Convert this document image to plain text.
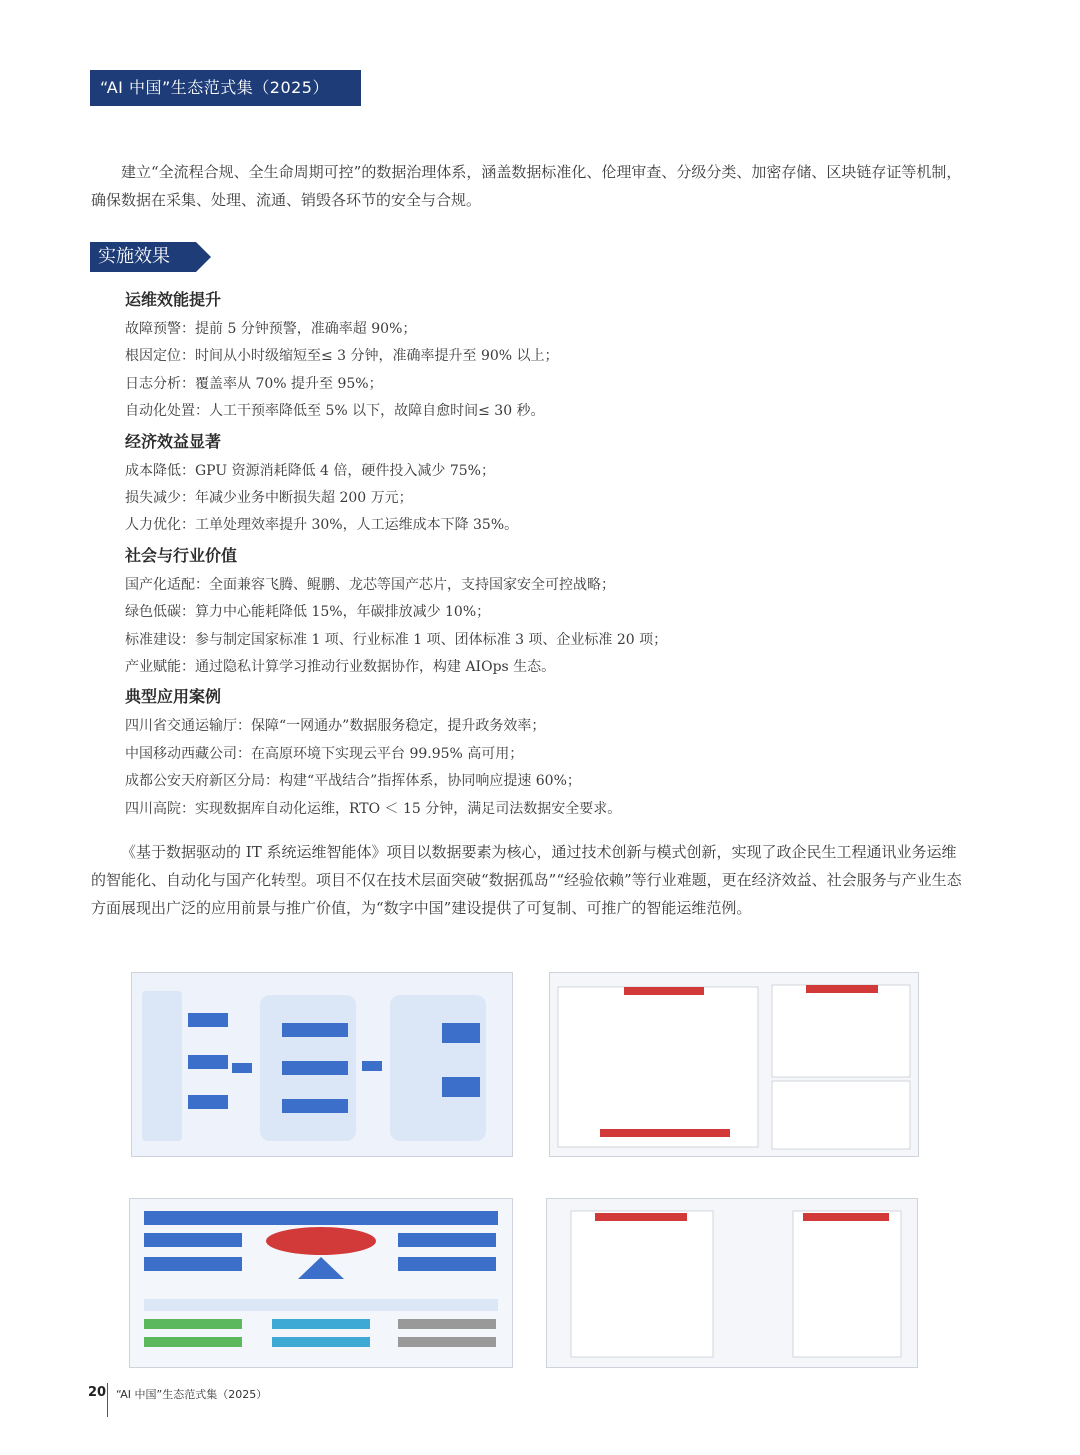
“AI 中国”生态范式集（2025）

建立“全流程合规、全生命周期可控”的数据治理体系，涵盖数据标准化、伦理审查、分级分类、加密存储、区块链存证等机制，确保数据在采集、处理、流通、销毁各环节的安全与合规。

实施效果
运维效能提升

故障预警：提前 5 分钟预警，准确率超 90%；

根因定位：时间从小时级缩短至≤ 3 分钟，准确率提升至 90% 以上；

日志分析：覆盖率从 70% 提升至 95%；

自动化处置：人工干预率降低至 5% 以下，故障自愈时间≤ 30 秒。

经济效益显著

成本降低：GPU 资源消耗降低 4 倍，硬件投入减少 75%；

损失减少：年减少业务中断损失超 200 万元；

人力优化：工单处理效率提升 30%，人工运维成本下降 35%。

社会与行业价值

国产化适配：全面兼容飞腾、鲲鹏、龙芯等国产芯片，支持国家安全可控战略；

绿色低碳：算力中心能耗降低 15%，年碳排放减少 10%；

标准建设：参与制定国家标准 1 项、行业标准 1 项、团体标准 3 项、企业标准 20 项；

产业赋能：通过隐私计算学习推动行业数据协作，构建 AIOps 生态。

典型应用案例

四川省交通运输厅：保障“一网通办”数据服务稳定，提升政务效率；

中国移动西藏公司：在高原环境下实现云平台 99.95% 高可用；

成都公安天府新区分局：构建“平战结合”指挥体系，协同响应提速 60%；

四川高院：实现数据库自动化运维，RTO ＜ 15 分钟，满足司法数据安全要求。

《基于数据驱动的 IT 系统运维智能体》项目以数据要素为核心，通过技术创新与模式创新，实现了政企民生工程通讯业务运维的智能化、自动化与国产化转型。项目不仅在技术层面突破“数据孤岛”“经验依赖”等行业难题，更在经济效益、社会服务与产业生态方面展现出广泛的应用前景与推广价值，为“数字中国”建设提供了可复制、可推广的智能运维范例。

20 “AI 中国”生态范式集（2025）
